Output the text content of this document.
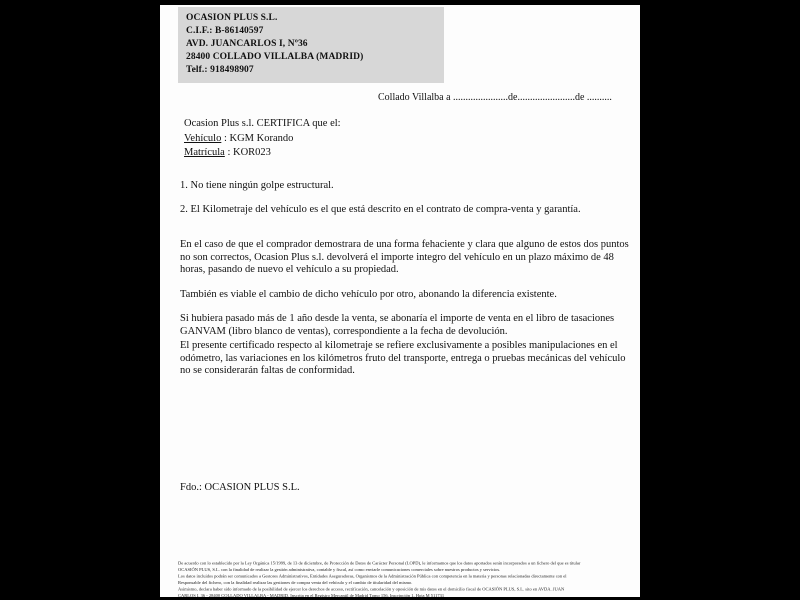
OCASION PLUS S.L.
C.I.F.: B-86140597
AVD. JUANCARLOS I, Nº36
28400 COLLADO VILLALBA (MADRID)
Telf.: 918498907
Collado Villalba a ......................de.......................de ..........
Ocasion Plus s.l. CERTIFICA que el:
Vehículo : KGM Korando
Matrícula : KOR023
1. No tiene ningún golpe estructural.
2. El Kilometraje del vehículo es el que está descrito en el contrato de compra-venta y garantía.
En el caso de que el comprador demostrara de una forma fehaciente y clara que alguno de estos dos puntos no son correctos, Ocasion Plus s.l. devolverá el importe integro del vehículo en un plazo máximo de 48 horas, pasando de nuevo el vehículo a su propiedad.
También es viable el cambio de dicho vehículo por otro, abonando la diferencia existente.
Si hubiera pasado más de 1 año desde la venta, se abonaría el importe de venta en el libro de tasaciones GANVAM (libro blanco de ventas), correspondiente a la fecha de devolución.
El presente certificado respecto al kilometraje se refiere exclusivamente a posibles manipulaciones en el odómetro, las variaciones en los kilómetros fruto del transporte, entrega o pruebas mecánicas del vehículo no se considerarán faltas de conformidad.
Fdo.: OCASION PLUS S.L.
De acuerdo con lo establecido por la Ley Orgánica 15/1999, de 13 de diciembre, de Protección de Datos de Carácter Personal (LOPD), le informamos que los datos aportados serán incorporados a un fichero del que es titular
OCASIÓN PLUS, S.L. con la finalidad de realizar la gestión administrativa, contable y fiscal, así como enviarle comunicaciones comerciales sobre nuestros productos y servicios.
Los datos incluidos podrán ser comunicados a Gestores Administrativos, Entidades Aseguradoras, Organismos de la Administración Pública con competencia en la materia y personas relacionadas directamente con el
Responsable del fichero, con la finalidad realizar las gestiones de compra venta del vehículo y el cambio de titularidad del mismo.
Asimismo, declara haber sido informado de la posibilidad de ejercer los derechos de acceso, rectificación, cancelación y oposición de mis datos en el domicilio fiscal de OCASIÓN PLUS, S.L. sito en AVDA. JUAN
CARLOS I, 36 - 28400 COLLADO VILLALBA - MADRID. Inscrita en el Registro Mercantil de Madrid Tomo 156, Inscripción 1, Hoja M 511731
